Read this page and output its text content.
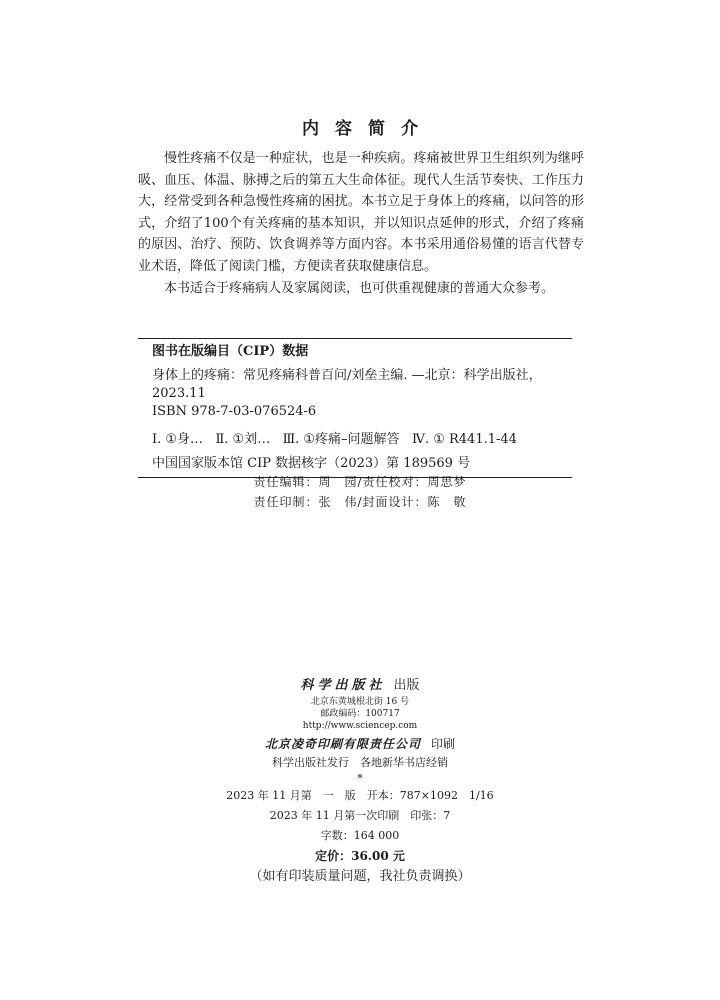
内容简介

慢性疼痛不仅是一种症状，也是一种疾病。疼痛被世界卫生组织列为继呼吸、血压、体温、脉搏之后的第五大生命体征。现代人生活节奏快、工作压力大，经常受到各种急慢性疼痛的困扰。本书立足于身体上的疼痛，以问答的形式，介绍了100个有关疼痛的基本知识，并以知识点延伸的形式，介绍了疼痛的原因、治疗、预防、饮食调养等方面内容。本书采用通俗易懂的语言代替专业术语，降低了阅读门槛，方便读者获取健康信息。

本书适合于疼痛病人及家属阅读，也可供重视健康的普通大众参考。

图书在版编目（CIP）数据
身体上的疼痛：常见疼痛科普百问/刘垒主编. —北京：科学出版社，2023.11
ISBN 978-7-03-076524-6
Ⅰ. ①身…   Ⅱ. ①刘…   Ⅲ. ①疼痛–问题解答   Ⅳ. ① R441.1-44
中国国家版本馆 CIP 数据核字（2023）第 189569 号
责任编辑：周　园/责任校对：周思梦
责任印制：张　伟/封面设计：陈　敬
科学出版社 出版
北京东黄城根北街 16 号
邮政编码：100717
http://www.sciencep.com
北京凌奇印刷有限责任公司 印刷
科学出版社发行　各地新华书店经销
*
2023 年 11 月第　一　版　开本：787×1092　1/16
2023 年 11 月第一次印刷　印张：7
字数：164 000
定价：36.00 元
（如有印装质量问题，我社负责调换）
